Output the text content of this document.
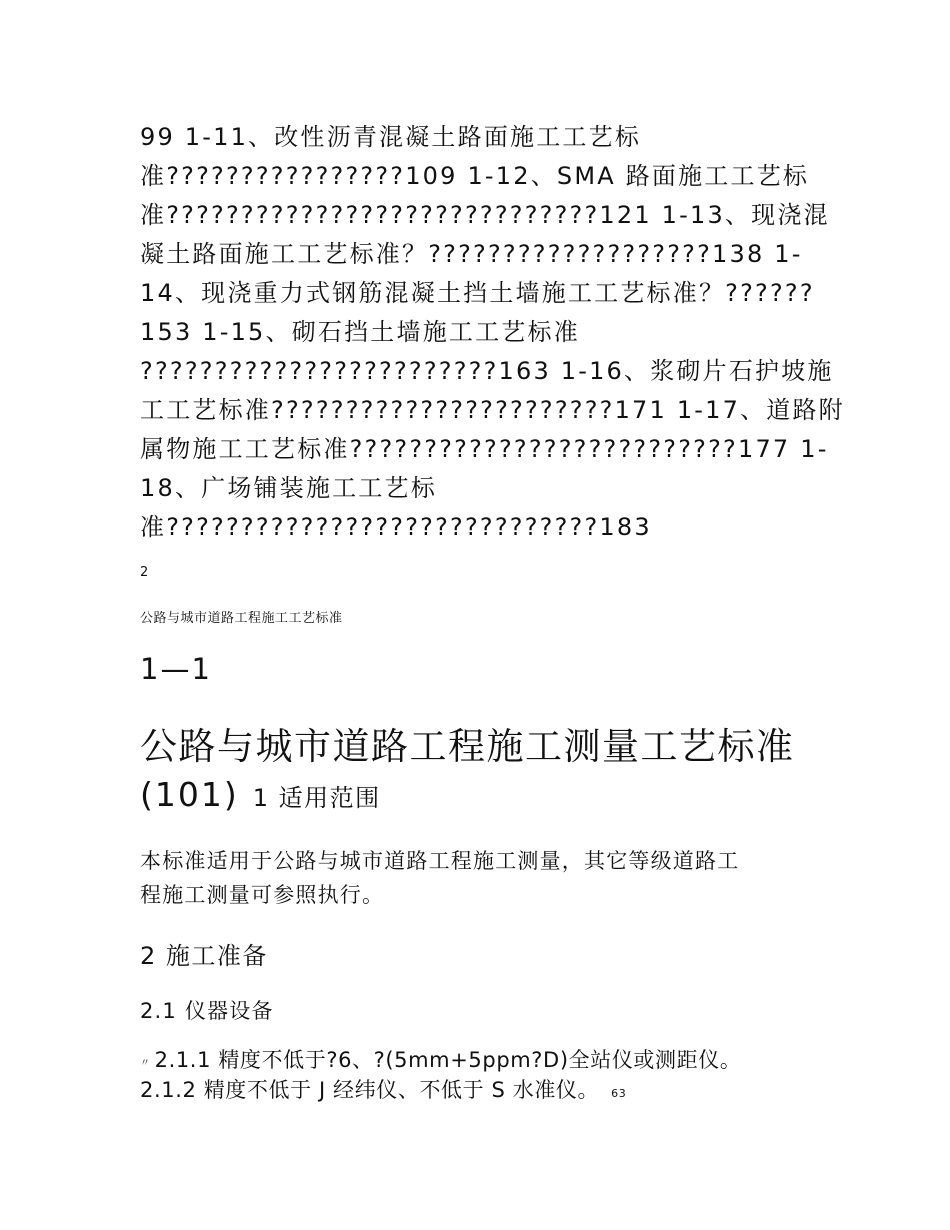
99 1-11、改性沥青混凝土路面施工工艺标
准????????????????109 1-12、SMA 路面施工工艺标
准?????????????????????????????121 1-13、现浇混
凝土路面施工工艺标准？???????????????????138 1-
14、现浇重力式钢筋混凝土挡土墙施工工艺标准？??????
153 1-15、砌石挡土墙施工工艺标准
????????????????????????163 1-16、浆砌片石护坡施
工工艺标准???????????????????????171 1-17、道路附
属物施工工艺标准??????????????????????????177 1-
18、广场铺装施工工艺标
准?????????????????????????????183
2
公路与城市道路工程施工工艺标准
1—1
公路与城市道路工程施工测量工艺标准
(101) 1 适用范围
本标准适用于公路与城市道路工程施工测量，其它等级道路工
程施工测量可参照执行。
2 施工准备
2.1 仪器设备
〃 2.1.1 精度不低于?6、?(5mm+5ppm?D)全站仪或测距仪。
2.1.2 精度不低于 J 经纬仪、不低于 S 水准仪。 63
